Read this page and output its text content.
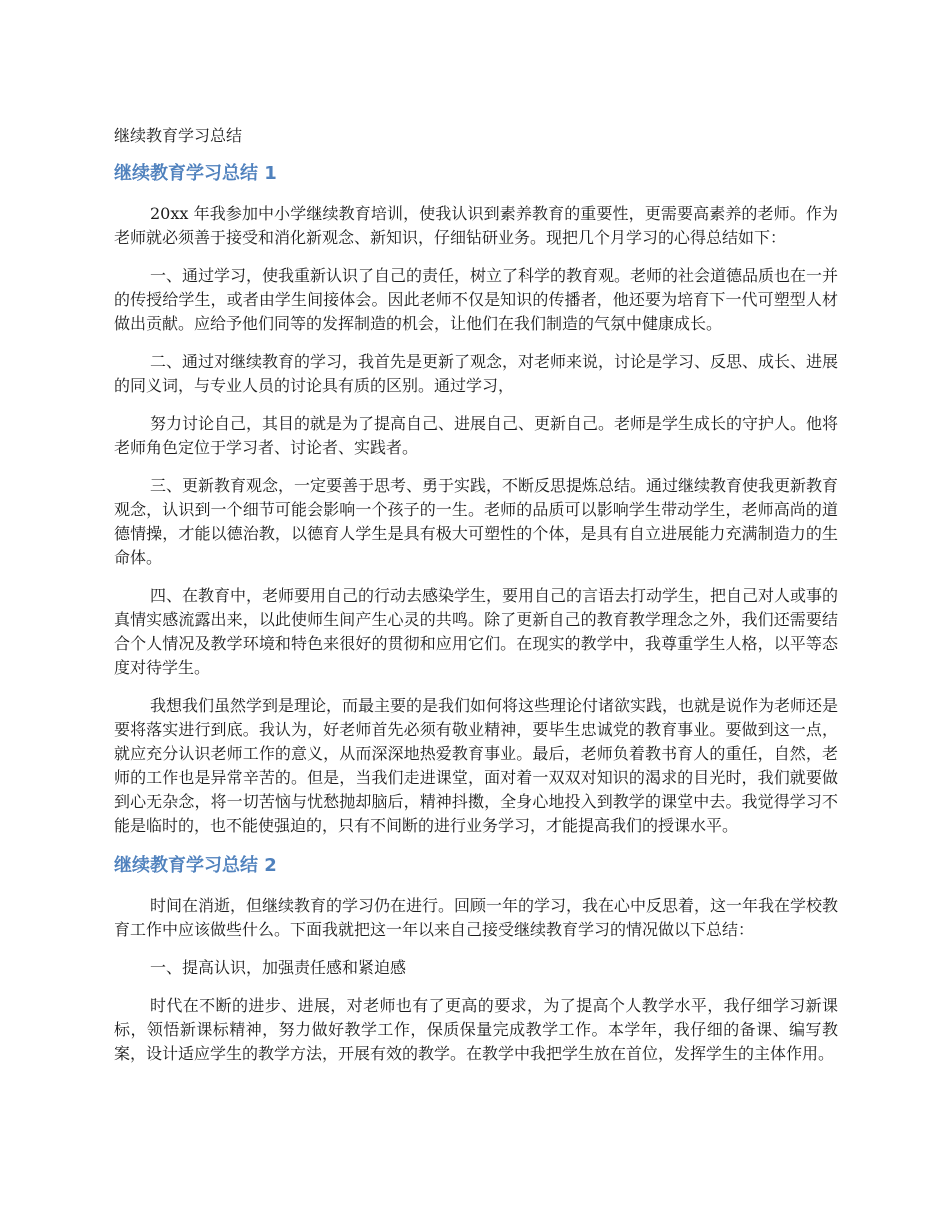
继续教育学习总结
继续教育学习总结 1

20xx 年我参加中小学继续教育培训，使我认识到素养教育的重要性，更需要高素养的老师。作为老师就必须善于接受和消化新观念、新知识，仔细钻研业务。现把几个月学习的心得总结如下：

一、通过学习，使我重新认识了自己的责任，树立了科学的教育观。老师的社会道德品质也在一并的传授给学生，或者由学生间接体会。因此老师不仅是知识的传播者，他还要为培育下一代可塑型人材做出贡献。应给予他们同等的发挥制造的机会，让他们在我们制造的气氛中健康成长。

二、通过对继续教育的学习，我首先是更新了观念，对老师来说，讨论是学习、反思、成长、进展的同义词，与专业人员的讨论具有质的区别。通过学习，

努力讨论自己，其目的就是为了提高自己、进展自己、更新自己。老师是学生成长的守护人。他将老师角色定位于学习者、讨论者、实践者。

三、更新教育观念，一定要善于思考、勇于实践，不断反思提炼总结。通过继续教育使我更新教育观念，认识到一个细节可能会影响一个孩子的一生。老师的品质可以影响学生带动学生，老师高尚的道德情操，才能以德治教，以德育人学生是具有极大可塑性的个体，是具有自立进展能力充满制造力的生命体。

四、在教育中，老师要用自己的行动去感染学生，要用自己的言语去打动学生，把自己对人或事的真情实感流露出来，以此使师生间产生心灵的共鸣。除了更新自己的教育教学理念之外，我们还需要结合个人情况及教学环境和特色来很好的贯彻和应用它们。在现实的教学中，我尊重学生人格，以平等态度对待学生。

我想我们虽然学到是理论，而最主要的是我们如何将这些理论付诸欲实践，也就是说作为老师还是要将落实进行到底。我认为，好老师首先必须有敬业精神，要毕生忠诚党的教育事业。要做到这一点，就应充分认识老师工作的意义，从而深深地热爱教育事业。最后，老师负着教书育人的重任，自然，老师的工作也是异常辛苦的。但是，当我们走进课堂，面对着一双双对知识的渴求的目光时，我们就要做到心无杂念，将一切苦恼与忧愁抛却脑后，精神抖擞，全身心地投入到教学的课堂中去。我觉得学习不能是临时的，也不能使强迫的，只有不间断的进行业务学习，才能提高我们的授课水平。

继续教育学习总结 2

时间在消逝，但继续教育的学习仍在进行。回顾一年的学习，我在心中反思着，这一年我在学校教育工作中应该做些什么。下面我就把这一年以来自己接受继续教育学习的情况做以下总结：

一、提高认识，加强责任感和紧迫感

时代在不断的进步、进展，对老师也有了更高的要求，为了提高个人教学水平，我仔细学习新课标，领悟新课标精神，努力做好教学工作，保质保量完成教学工作。本学年，我仔细的备课、编写教案，设计适应学生的教学方法，开展有效的教学。在教学中我把学生放在首位，发挥学生的主体作用。
